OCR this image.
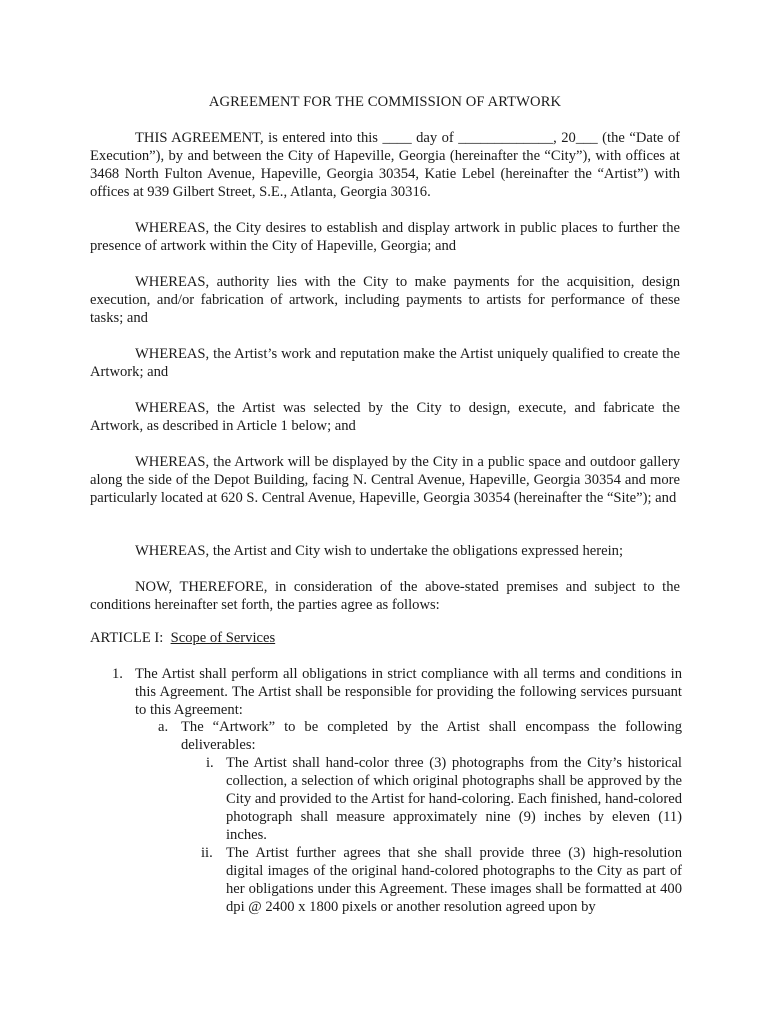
AGREEMENT FOR THE COMMISSION OF ARTWORK
THIS AGREEMENT, is entered into this ____ day of _____________, 20___ (the “Date of Execution”), by and between the City of Hapeville, Georgia (hereinafter the “City”), with offices at 3468 North Fulton Avenue, Hapeville, Georgia 30354, Katie Lebel (hereinafter the “Artist”) with offices at 939 Gilbert Street, S.E., Atlanta, Georgia 30316.
WHEREAS, the City desires to establish and display artwork in public places to further the presence of artwork within the City of Hapeville, Georgia; and
WHEREAS, authority lies with the City to make payments for the acquisition, design execution, and/or fabrication of artwork, including payments to artists for performance of these tasks; and
WHEREAS, the Artist’s work and reputation make the Artist uniquely qualified to create the Artwork; and
WHEREAS, the Artist was selected by the City to design, execute, and fabricate the Artwork, as described in Article 1 below; and
WHEREAS, the Artwork will be displayed by the City in a public space and outdoor gallery along the side of the Depot Building, facing N. Central Avenue, Hapeville, Georgia 30354 and more particularly located at 620 S. Central Avenue, Hapeville, Georgia 30354 (hereinafter the “Site”); and
WHEREAS, the Artist and City wish to undertake the obligations expressed herein;
NOW, THEREFORE, in consideration of the above-stated premises and subject to the conditions hereinafter set forth, the parties agree as follows:
ARTICLE I: Scope of Services
1. The Artist shall perform all obligations in strict compliance with all terms and conditions in this Agreement. The Artist shall be responsible for providing the following services pursuant to this Agreement:
a. The “Artwork” to be completed by the Artist shall encompass the following deliverables:
i. The Artist shall hand-color three (3) photographs from the City’s historical collection, a selection of which original photographs shall be approved by the City and provided to the Artist for hand-coloring. Each finished, hand-colored photograph shall measure approximately nine (9) inches by eleven (11) inches.
ii. The Artist further agrees that she shall provide three (3) high-resolution digital images of the original hand-colored photographs to the City as part of her obligations under this Agreement. These images shall be formatted at 400 dpi @ 2400 x 1800 pixels or another resolution agreed upon by
